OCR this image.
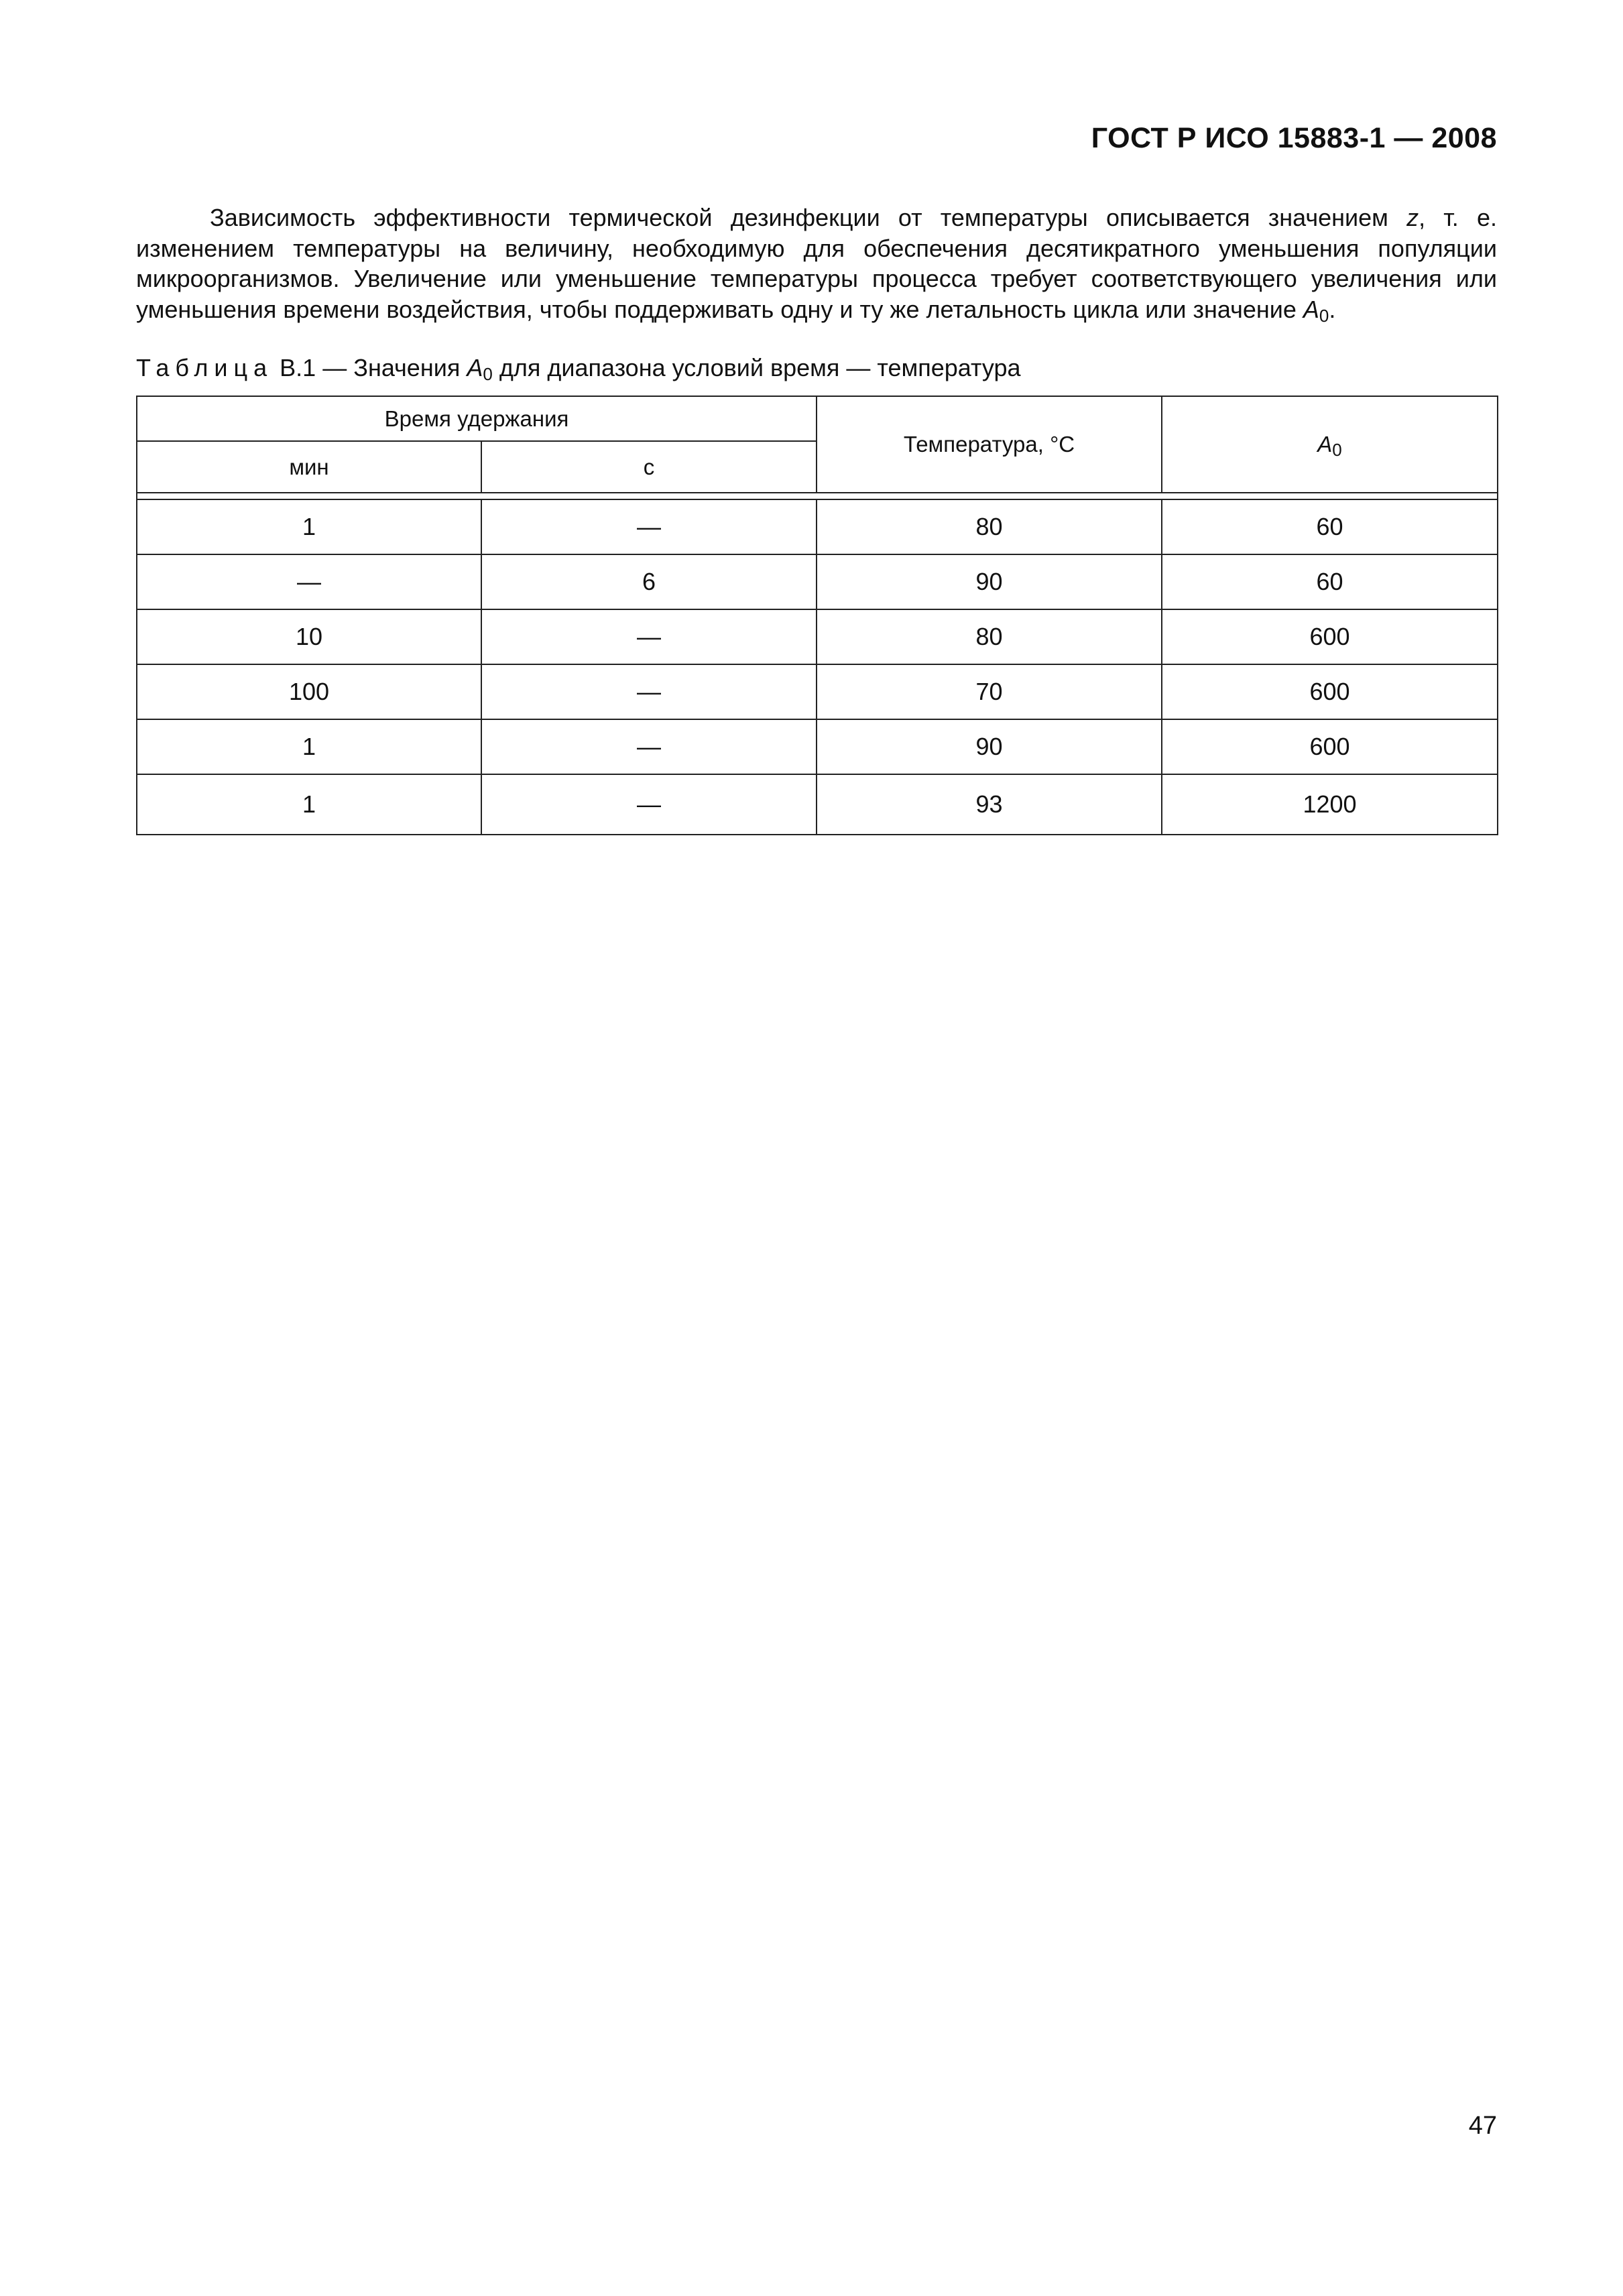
ГОСТ Р ИСО 15883-1 — 2008
Зависимость эффективности термической дезинфекции от температуры описывается значением z, т. е. изменением температуры на величину, необходимую для обеспечения десятикратного уменьшения популяции микроорганизмов. Увеличение или уменьшение температуры процесса требует соответствующего увеличения или уменьшения времени воздействия, чтобы поддерживать одну и ту же летальность цикла или значение $A_0$.
Таблица В.1 — Значения $A_0$ для диапазона условий время — температура
Время удержания		Температура, °С	$A_0$
мин	с		

1	—	80	60
—	6	90	60
10	—	80	600
100	—	70	600
1	—	90	600
1	—	93	1200
47
